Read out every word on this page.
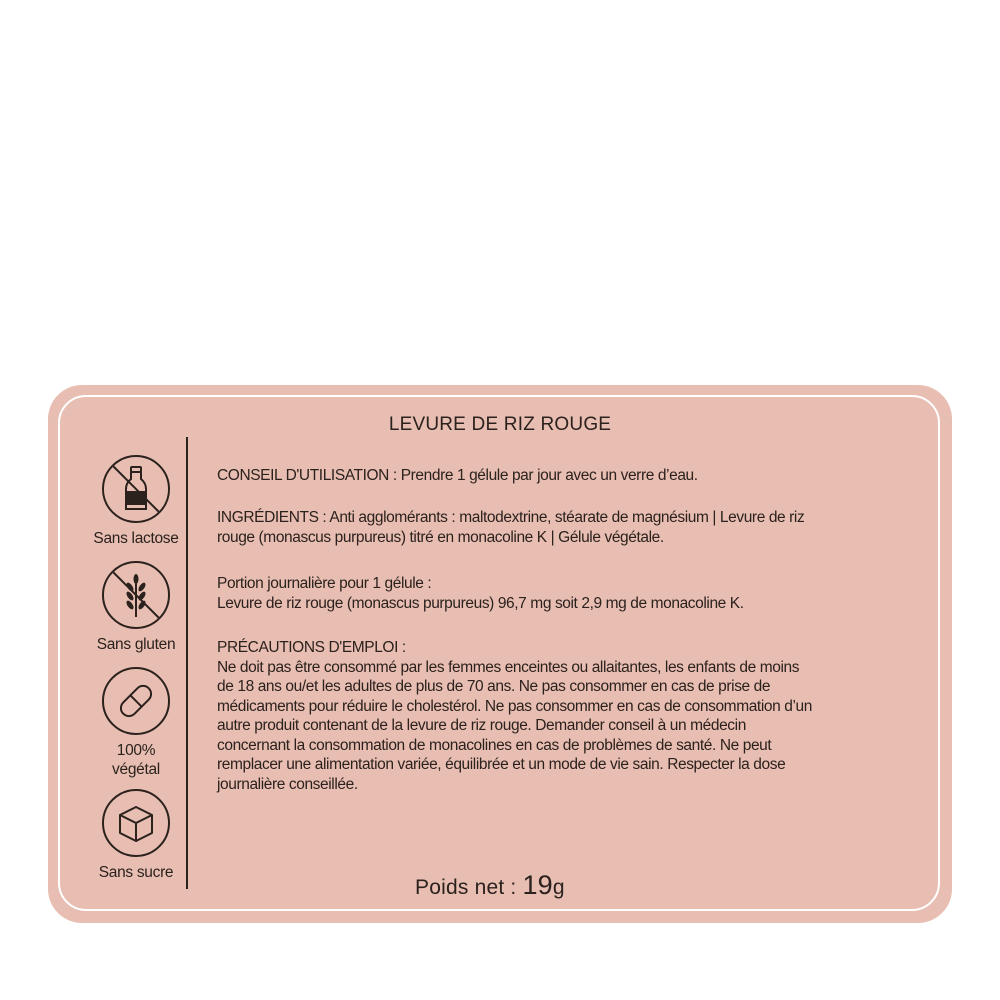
LEVURE DE RIZ ROUGE
Sans lactose
Sans gluten
100%
végétal
Sans sucre

CONSEIL D'UTILISATION : Prendre 1 gélule par jour avec un verre d’eau.

INGRÉDIENTS : Anti agglomérants : maltodextrine, stéarate de magnésium | Levure de riz

rouge (monascus purpureus) titré en monacoline K | Gélule végétale.

Portion journalière pour 1 gélule :

Levure de riz rouge (monascus purpureus) 96,7 mg soit 2,9 mg de monacoline K.

PRÉCAUTIONS D'EMPLOI :

Ne doit pas être consommé par les femmes enceintes ou allaitantes, les enfants de moins

de 18 ans ou/et les adultes de plus de 70 ans. Ne pas consommer en cas de prise de

médicaments pour réduire le cholestérol. Ne pas consommer en cas de consommation d’un

autre produit contenant de la levure de riz rouge. Demander conseil à un médecin

concernant la consommation de monacolines en cas de problèmes de santé. Ne peut

remplacer une alimentation variée, équilibrée et un mode de vie sain. Respecter la dose

journalière conseillée.

Poids net : 19g
